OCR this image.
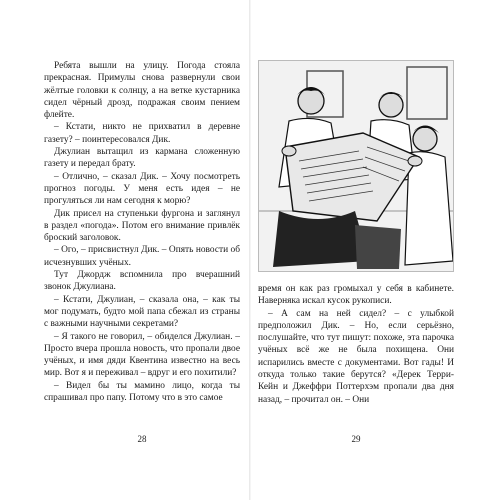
Ребята вышли на улицу. Погода стояла прекрасная. Примулы снова развернули свои жёлтые головки к солнцу, а на ветке кустарника сидел чёрный дрозд, подражая своим пением флейте.

– Кстати, никто не прихватил в деревне газету? – поинтересовался Дик.

Джулиан вытащил из кармана сложенную газету и передал брату.

– Отлично, – сказал Дик. – Хочу посмотреть прогноз погоды. У меня есть идея – не прогуляться ли нам сегодня к морю?

Дик присел на ступеньки фургона и заглянул в раздел «погода». Потом его внимание привлёк броский заголовок.

– Ого, – присвистнул Дик. – Опять новости об исчезнувших учёных.

Тут Джордж вспомнила про вчерашний звонок Джулиана.

– Кстати, Джулиан, – сказала она, – как ты мог подумать, будто мой папа сбежал из страны с важными научными секретами?

– Я такого не говорил, – обиделся Джулиан. – Просто вчера прошла новость, что пропали двое учёных, и имя дяди Квентина известно на весь мир. Вот я и переживал – вдруг и его похитили?

– Видел бы ты мамино лицо, когда ты спрашивал про папу. Потому что в это самое

28

время он как раз громыхал у себя в кабинете. Наверняка искал кусок рукописи.

– А сам на ней сидел? – с улыбкой предположил Дик. – Но, если серьёзно, послушайте, что тут пишут: похоже, эта парочка учёных всё же не была похищена. Они испарились вместе с документами. Вот гады! И откуда только такие берутся? «Дерек Терри-Кейн и Джеффри Поттерхэм пропали два дня назад, – прочитал он. – Они

29
